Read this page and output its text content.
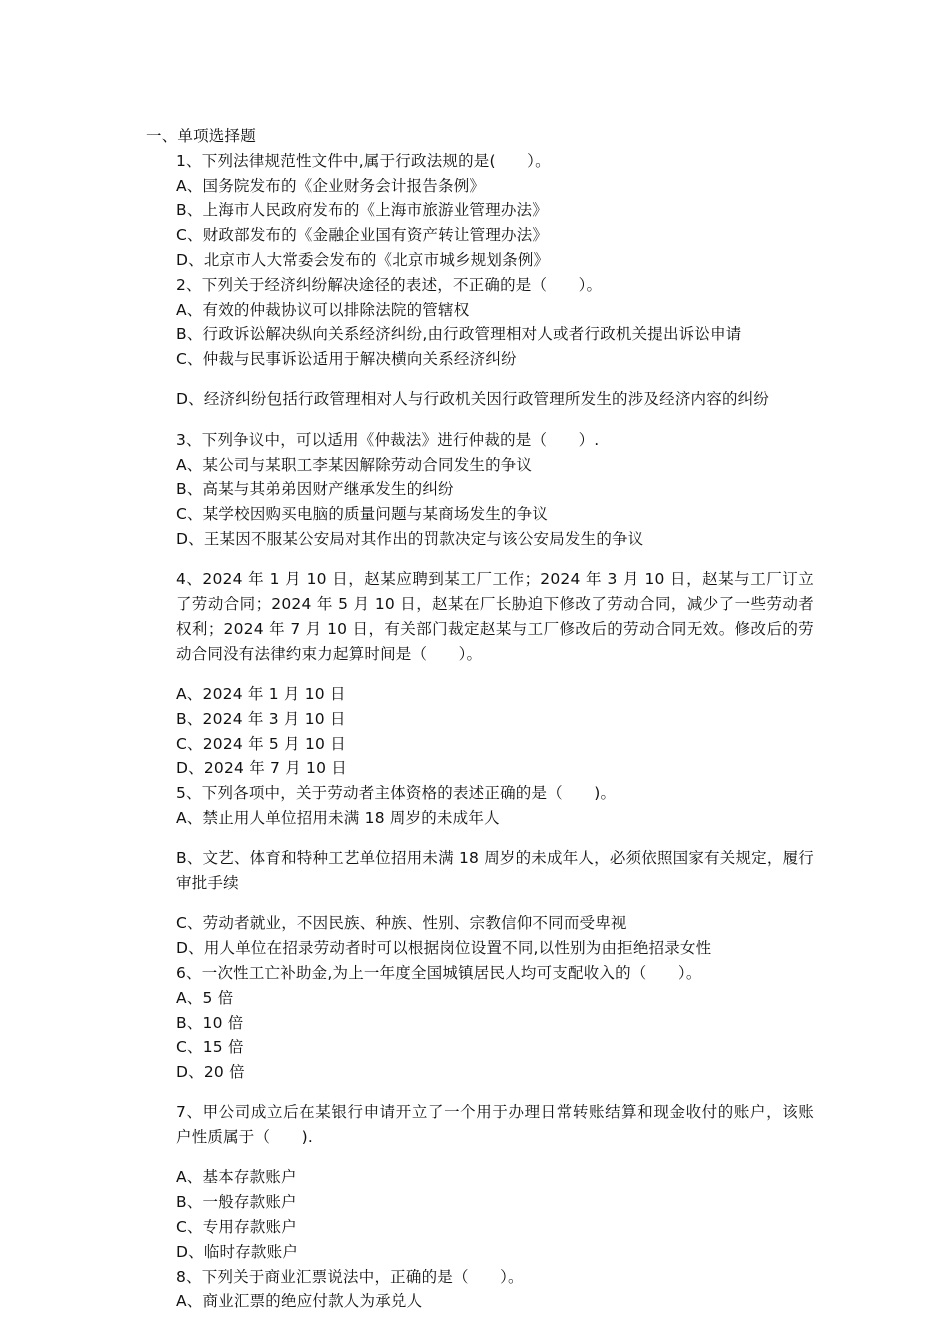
一、单项选择题

1、下列法律规范性文件中,属于行政法规的是(　　）。

A、国务院发布的《企业财务会计报告条例》

B、上海市人民政府发布的《上海市旅游业管理办法》

C、财政部发布的《金融企业国有资产转让管理办法》

D、北京市人大常委会发布的《北京市城乡规划条例》

2、下列关于经济纠纷解决途径的表述，不正确的是（　　）。

A、有效的仲裁协议可以排除法院的管辖权

B、行政诉讼解决纵向关系经济纠纷,由行政管理相对人或者行政机关提出诉讼申请

C、仲裁与民事诉讼适用于解决横向关系经济纠纷

D、经济纠纷包括行政管理相对人与行政机关因行政管理所发生的涉及经济内容的纠纷

3、下列争议中，可以适用《仲裁法》进行仲裁的是（　　）.

A、某公司与某职工李某因解除劳动合同发生的争议

B、高某与其弟弟因财产继承发生的纠纷

C、某学校因购买电脑的质量问题与某商场发生的争议

D、王某因不服某公安局对其作出的罚款决定与该公安局发生的争议

4、2024 年 1 月 10 日，赵某应聘到某工厂工作；2024 年 3 月 10 日，赵某与工厂订立了劳动合同；2024 年 5 月 10 日，赵某在厂长胁迫下修改了劳动合同，减少了一些劳动者权利；2024 年 7 月 10 日，有关部门裁定赵某与工厂修改后的劳动合同无效。修改后的劳动合同没有法律约束力起算时间是（　　）。

A、2024 年 1 月 10 日

B、2024 年 3 月 10 日

C、2024 年 5 月 10 日

D、2024 年 7 月 10 日

5、下列各项中，关于劳动者主体资格的表述正确的是（　　)。

A、禁止用人单位招用未满 18 周岁的未成年人

B、文艺、体育和特种工艺单位招用未满 18 周岁的未成年人，必须依照国家有关规定，履行审批手续

C、劳动者就业，不因民族、种族、性别、宗教信仰不同而受卑视

D、用人单位在招录劳动者时可以根据岗位设置不同,以性别为由拒绝招录女性

6、一次性工亡补助金,为上一年度全国城镇居民人均可支配收入的（　　）。

A、5 倍

B、10 倍

C、15 倍

D、20 倍

7、甲公司成立后在某银行申请开立了一个用于办理日常转账结算和现金收付的账户，该账户性质属于（　　).

A、基本存款账户

B、一般存款账户

C、专用存款账户

D、临时存款账户

8、下列关于商业汇票说法中，正确的是（　　）。

A、商业汇票的绝应付款人为承兑人
